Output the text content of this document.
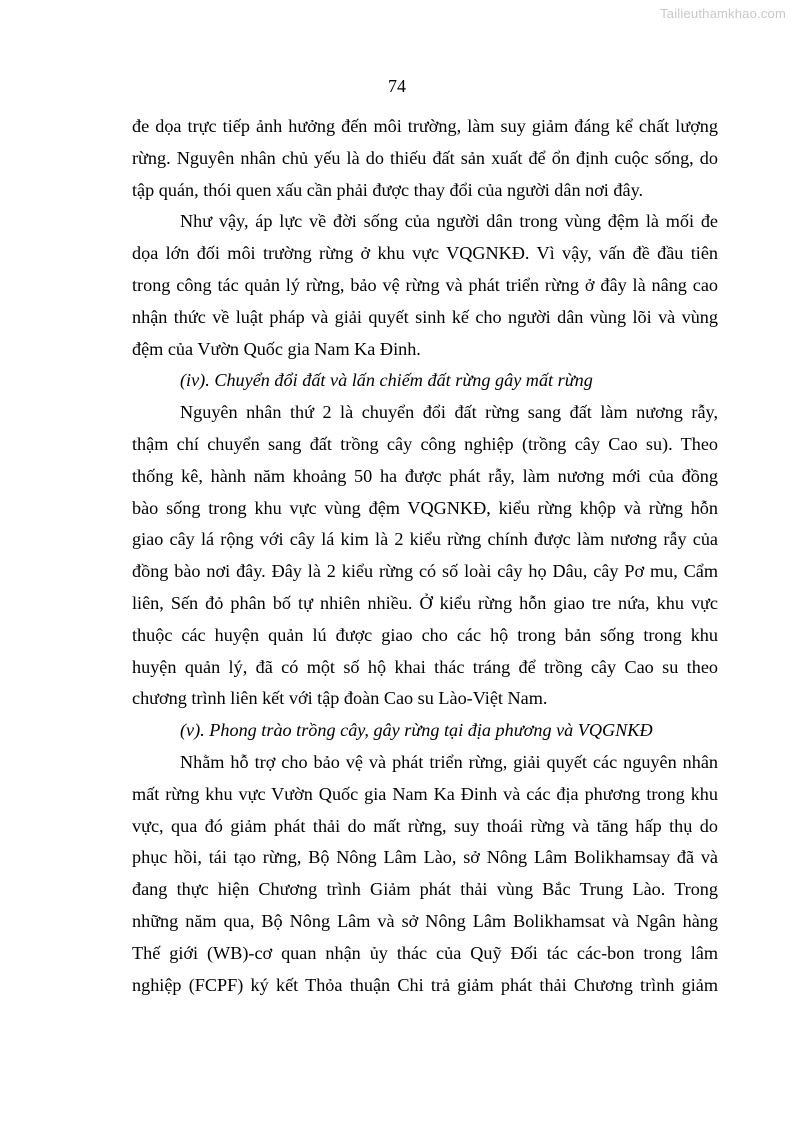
Tailieuthamkhao.com
74
đe dọa trực tiếp ảnh hưởng đến môi trường, làm suy giảm đáng kể chất lượng
rừng. Nguyên nhân chủ yếu là do thiếu đất sản xuất để ổn định cuộc sống, do
tập quán, thói quen xấu cần phải được thay đổi của người dân nơi đây.
Như vậy, áp lực về đời sống của người dân trong vùng đệm là mối đe
dọa lớn đối môi trường rừng ở khu vực VQGNKĐ. Vì vậy, vấn đề đầu tiên
trong công tác quản lý rừng, bảo vệ rừng và phát triển rừng ở đây là nâng cao
nhận thức về luật pháp và giải quyết sinh kế cho người dân vùng lõi và vùng
đệm của Vườn Quốc gia Nam Ka Đinh.
(iv). Chuyển đổi đất và lấn chiếm đất rừng gây mất rừng
Nguyên nhân thứ 2 là chuyển đổi đất rừng sang đất làm nương rẫy,
thậm chí chuyển sang đất trồng cây công nghiệp (trồng cây Cao su). Theo
thống kê, hành năm khoảng 50 ha được phát rẫy, làm nương mới của đồng
bào sống trong khu vực vùng đệm VQGNKĐ, kiểu rừng khộp và rừng hỗn
giao cây lá rộng với cây lá kim là 2 kiểu rừng chính được làm nương rẫy của
đồng bào nơi đây. Đây là 2 kiểu rừng có số loài cây họ Dâu, cây Pơ mu, Cẩm
liên, Sến đỏ phân bố tự nhiên nhiều. Ở kiểu rừng hỗn giao tre nứa, khu vực
thuộc các huyện quản lú được giao cho các hộ trong bản sống trong khu
huyện quản lý, đã có một số hộ khai thác tráng để trồng cây Cao su theo
chương trình liên kết với tập đoàn Cao su Lào-Việt Nam.
(v). Phong trào trồng cây, gây rừng tại địa phương và VQGNKĐ
Nhằm hỗ trợ cho bảo vệ và phát triển rừng, giải quyết các nguyên nhân
mất rừng khu vực Vườn Quốc gia Nam Ka Đinh và các địa phương trong khu
vực, qua đó giảm phát thải do mất rừng, suy thoái rừng và tăng hấp thụ do
phục hồi, tái tạo rừng, Bộ Nông Lâm Lào, sở Nông Lâm Bolikhamsay đã và
đang thực hiện Chương trình Giảm phát thải vùng Bắc Trung Lào. Trong
những năm qua, Bộ Nông Lâm và sở Nông Lâm Bolikhamsat và Ngân hàng
Thế giới (WB)-cơ quan nhận ủy thác của Quỹ Đối tác các-bon trong lâm
nghiệp (FCPF) ký kết Thỏa thuận Chi trả giảm phát thải Chương trình giảm
